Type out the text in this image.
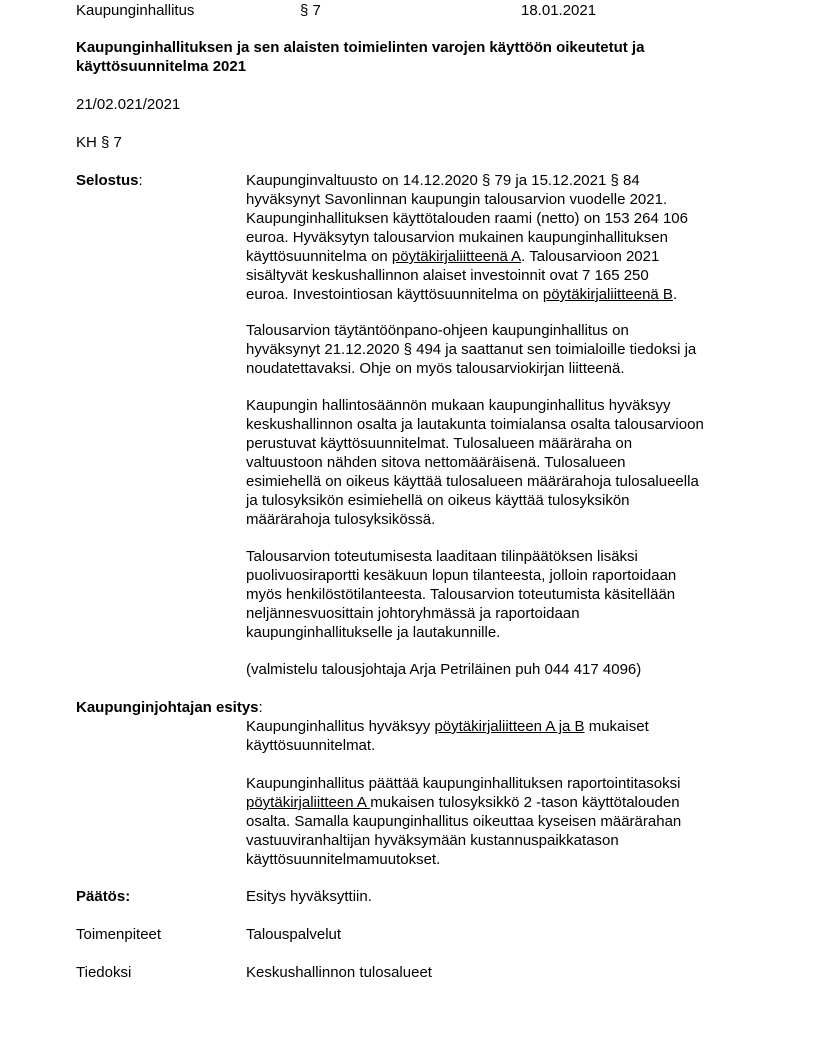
Kaupunginhallitus	§ 7	18.01.2021
Kaupunginhallituksen ja sen alaisten toimielinten varojen käyttöön oikeutetut ja
käyttösuunnitelma 2021
21/02.021/2021
KH § 7
Selostus:	Kaupunginvaltuusto on 14.12.2020 § 79 ja 15.12.2021 § 84
hyväksynyt Savonlinnan kaupungin talousarvion vuodelle 2021.
Kaupunginhallituksen käyttötalouden raami (netto) on 153 264 106
euroa. Hyväksytyn talousarvion mukainen kaupunginhallituksen
käyttösuunnitelma on pöytäkirjaliitteenä A. Talousarvioon 2021
sisältyvät keskushallinnon alaiset investoinnit ovat 7 165 250
euroa. Investointiosan käyttösuunnitelma on pöytäkirjaliitteenä B.
Talousarvion täytäntöönpano-ohjeen kaupunginhallitus on
hyväksynyt 21.12.2020 § 494 ja saattanut sen toimialoille tiedoksi ja
noudatettavaksi. Ohje on myös talousarviokirjan liitteenä.
Kaupungin hallintosäännön mukaan kaupunginhallitus hyväksyy
keskushallinnon osalta ja lautakunta toimialansa osalta talousarvioon
perustuvat käyttösuunnitelmat. Tulosalueen määräraha on
valtuustoon nähden sitova nettomääräisenä. Tulosalueen
esimiehellä on oikeus käyttää tulosalueen määrärahoja tulosalueella
ja tulosyksikön esimiehellä on oikeus käyttää tulosyksikön
määrärahoja tulosyksikössä.
Talousarvion toteutumisesta laaditaan tilinpäätöksen lisäksi
puolivuosiraportti kesäkuun lopun tilanteesta, jolloin raportoidaan
myös henkilöstötilanteesta. Talousarvion toteutumista käsitellään
neljännesvuosittain johtoryhmässä ja raportoidaan
kaupunginhallitukselle ja lautakunnille.
(valmistelu talousjohtaja Arja Petriläinen puh 044 417 4096)
Kaupunginjohtajan esitys:
Kaupunginhallitus hyväksyy pöytäkirjaliitteen A ja B mukaiset
käyttösuunnitelmat.
Kaupunginhallitus päättää kaupunginhallituksen raportointitasoksi
pöytäkirjaliitteen A mukaisen tulosyksikkö 2 -tason käyttötalouden
osalta. Samalla kaupunginhallitus oikeuttaa kyseisen määrärahan
vastuuviranhaltijan hyväksymään kustannuspaikkatason
käyttösuunnitelmamuutokset.
Päätös:	Esitys hyväksyttiin.
Toimenpiteet	Talouspalvelut
Tiedoksi	Keskushallinnon tulosalueet
